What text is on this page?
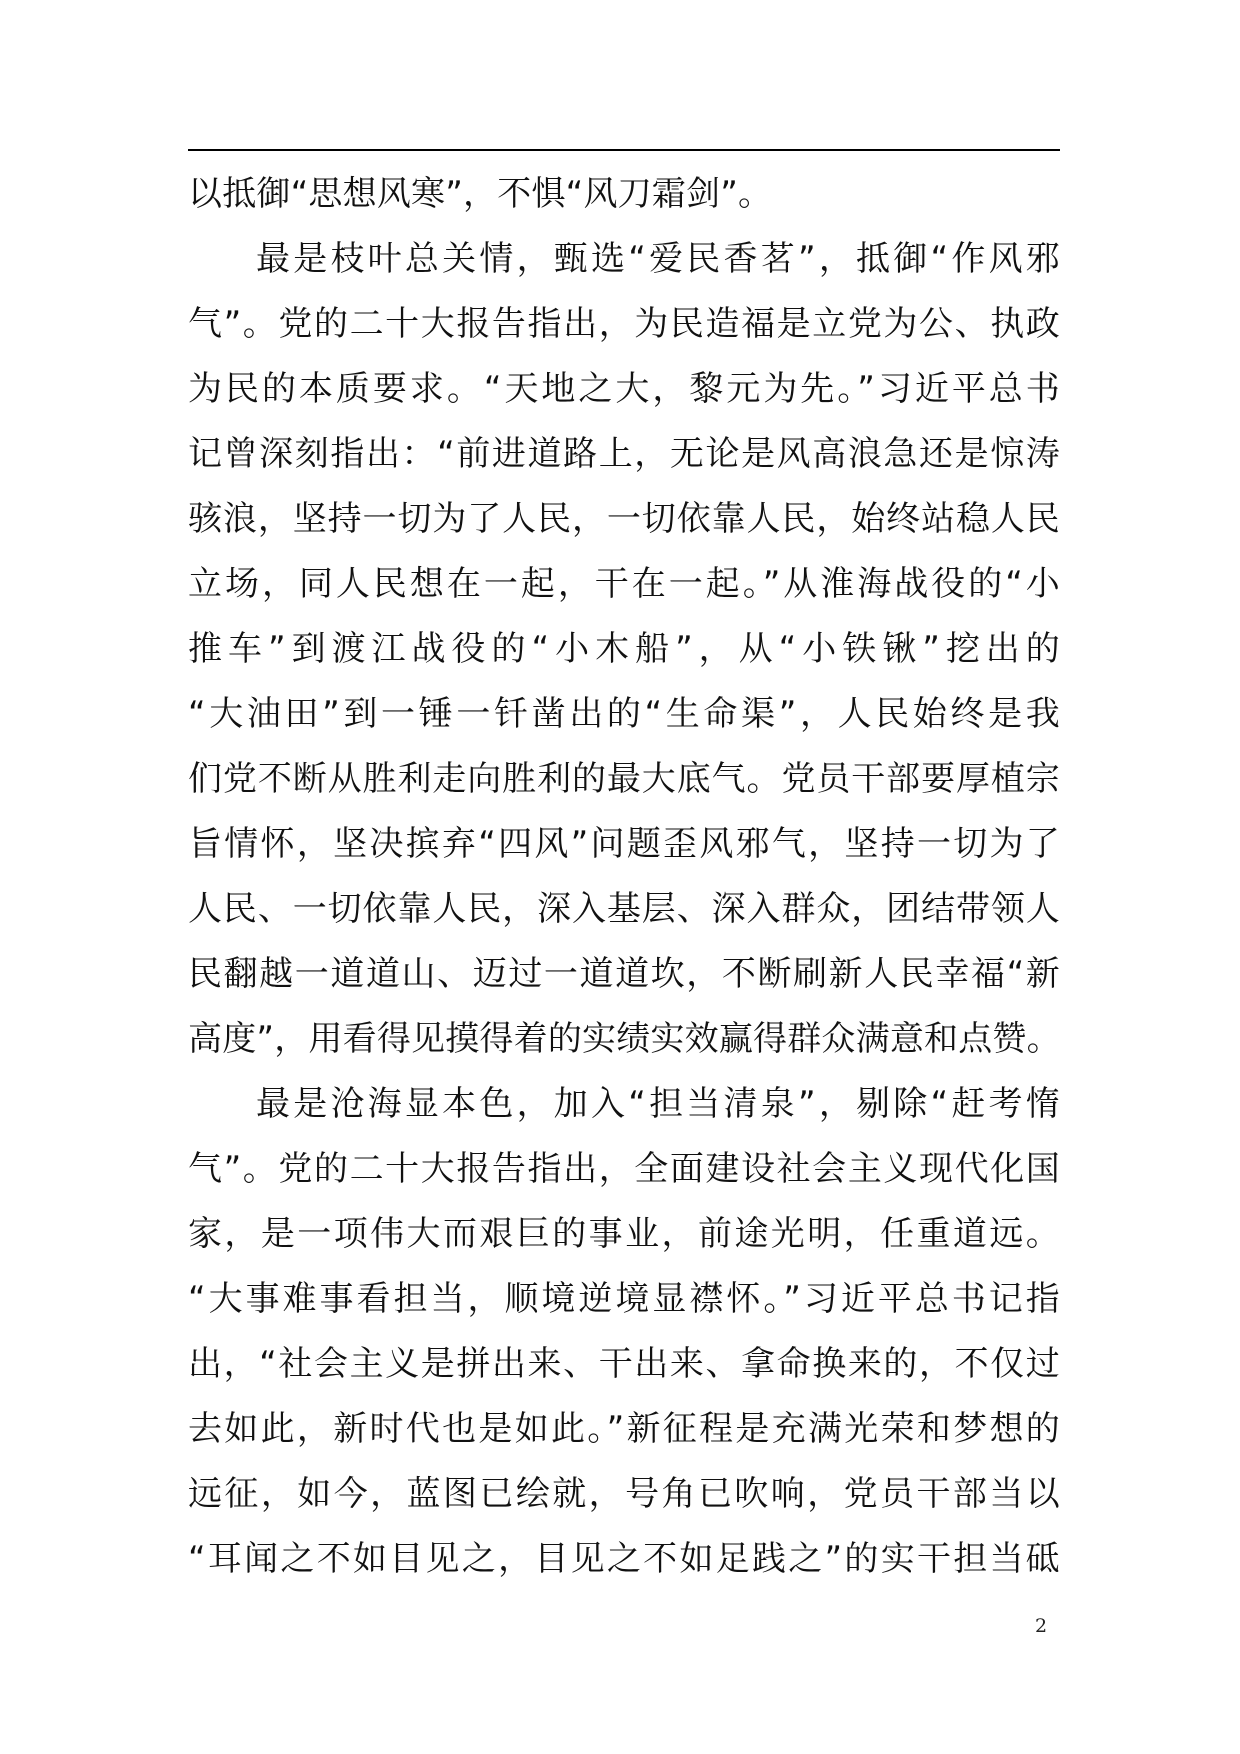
以抵御“思想风寒”，不惧“风刀霜剑”。
最是枝叶总关情，甄选“爱民香茗”，抵御“作风邪
气”。党的二十大报告指出，为民造福是立党为公、执政
为民的本质要求。“天地之大，黎元为先。”习近平总书
记曾深刻指出：“前进道路上，无论是风高浪急还是惊涛
骇浪，坚持一切为了人民，一切依靠人民，始终站稳人民
立场，同人民想在一起，干在一起。”从淮海战役的“小
推车”到渡江战役的“小木船”，从“小铁锹”挖出的
“大油田”到一锤一钎凿出的“生命渠”，人民始终是我
们党不断从胜利走向胜利的最大底气。党员干部要厚植宗
旨情怀，坚决摈弃“四风”问题歪风邪气，坚持一切为了
人民、一切依靠人民，深入基层、深入群众，团结带领人
民翻越一道道山、迈过一道道坎，不断刷新人民幸福“新
高度”，用看得见摸得着的实绩实效赢得群众满意和点赞。
最是沧海显本色，加入“担当清泉”，剔除“赶考惰
气”。党的二十大报告指出，全面建设社会主义现代化国
家，是一项伟大而艰巨的事业，前途光明，任重道远。
“大事难事看担当，顺境逆境显襟怀。”习近平总书记指
出，“社会主义是拼出来、干出来、拿命换来的，不仅过
去如此，新时代也是如此。”新征程是充满光荣和梦想的
远征，如今，蓝图已绘就，号角已吹响，党员干部当以
“耳闻之不如目见之，目见之不如足践之”的实干担当砥
2
